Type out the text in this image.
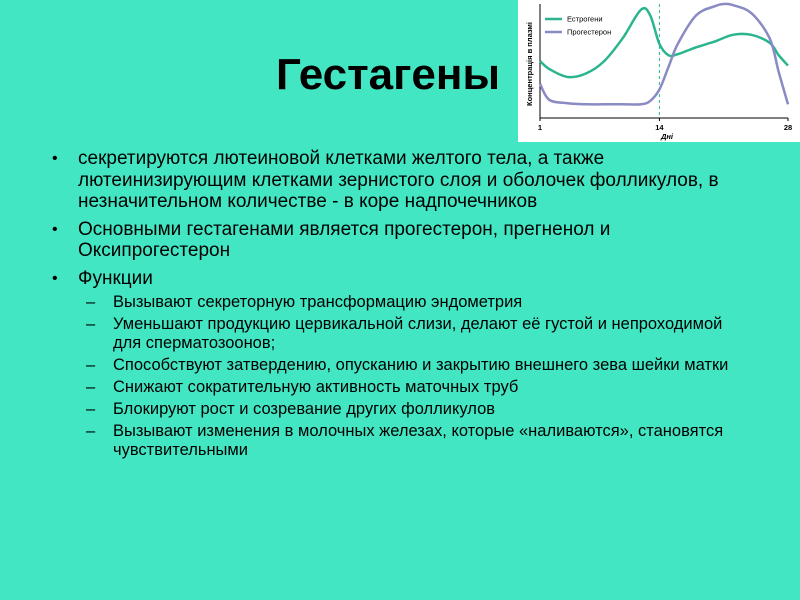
Гестагены
• секретируются лютеиновой клетками желтого тела, а также лютеинизирующим клетками зернистого слоя и оболочек фолликулов, в незначительном количестве - в коре надпочечников
• Основными гестагенами является прогестерон, прегненол и Оксипрогестерон
• Функции
– Вызывают секреторную трансформацию эндометрия
– Уменьшают продукцию цервикальной слизи, делают её густой и непроходимой для сперматозоонов;
– Способствуют затвердению, опусканию и закрытию внешнего зева шейки матки
– Снижают сократительную активность маточных труб
– Блокируют рост и созревание других фолликулов
– Вызывают изменения в молочных железах, которые «наливаются», становятся чувствительными
1	14	28
Естрогени
Прогестерон
Концентрація в плазмі
Дні
